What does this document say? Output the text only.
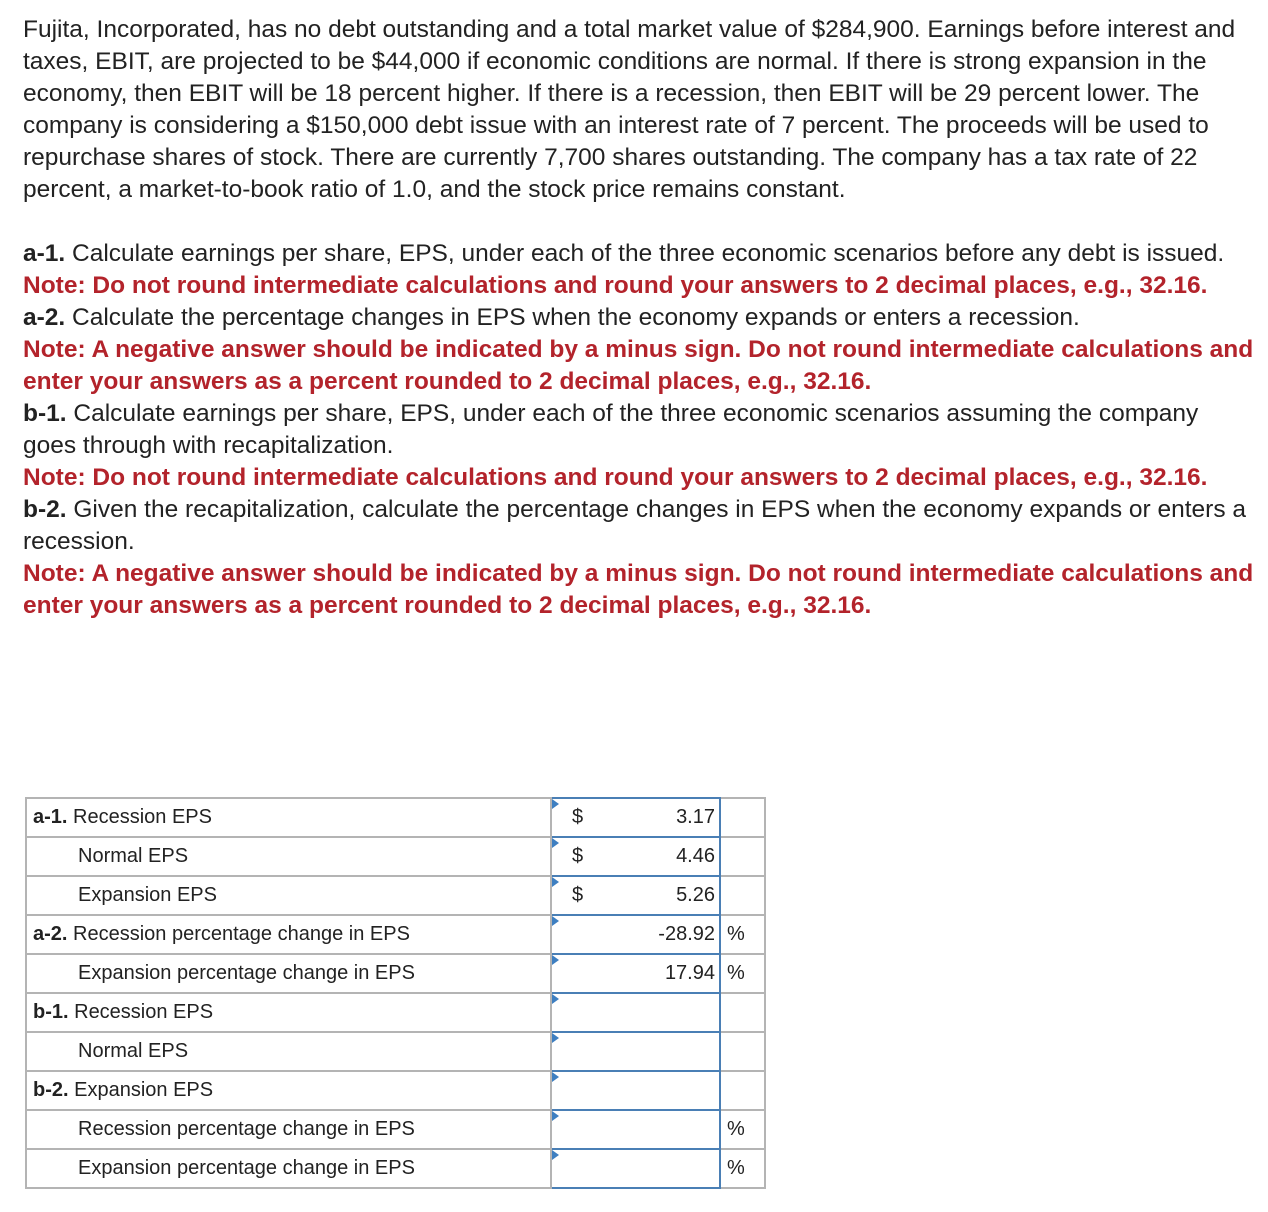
Fujita, Incorporated, has no debt outstanding and a total market value of $284,900. Earnings before interest and taxes, EBIT, are projected to be $44,000 if economic conditions are normal. If there is strong expansion in the economy, then EBIT will be 18 percent higher. If there is a recession, then EBIT will be 29 percent lower. The company is considering a $150,000 debt issue with an interest rate of 7 percent. The proceeds will be used to repurchase shares of stock. There are currently 7,700 shares outstanding. The company has a tax rate of 22 percent, a market-to-book ratio of 1.0, and the stock price remains constant.

a-1. Calculate earnings per share, EPS, under each of the three economic scenarios before any debt is issued.

Note: Do not round intermediate calculations and round your answers to 2 decimal places, e.g., 32.16.

a-2. Calculate the percentage changes in EPS when the economy expands or enters a recession.

Note: A negative answer should be indicated by a minus sign. Do not round intermediate calculations and enter your answers as a percent rounded to 2 decimal places, e.g., 32.16.

b-1. Calculate earnings per share, EPS, under each of the three economic scenarios assuming the company goes through with recapitalization.

Note: Do not round intermediate calculations and round your answers to 2 decimal places, e.g., 32.16.

b-2. Given the recapitalization, calculate the percentage changes in EPS when the economy expands or enters a recession.

Note: A negative answer should be indicated by a minus sign. Do not round intermediate calculations and enter your answers as a percent rounded to 2 decimal places, e.g., 32.16.

a-1. Recession EPS	$	3.17	
Normal EPS	$	4.46	
Expansion EPS	$	5.26	
a-2. Recession percentage change in EPS		-28.92	%
Expansion percentage change in EPS		17.94	%
b-1. Recession EPS	

Normal EPS	

b-2. Expansion EPS	

Recession percentage change in EPS			%
Expansion percentage change in EPS			%
